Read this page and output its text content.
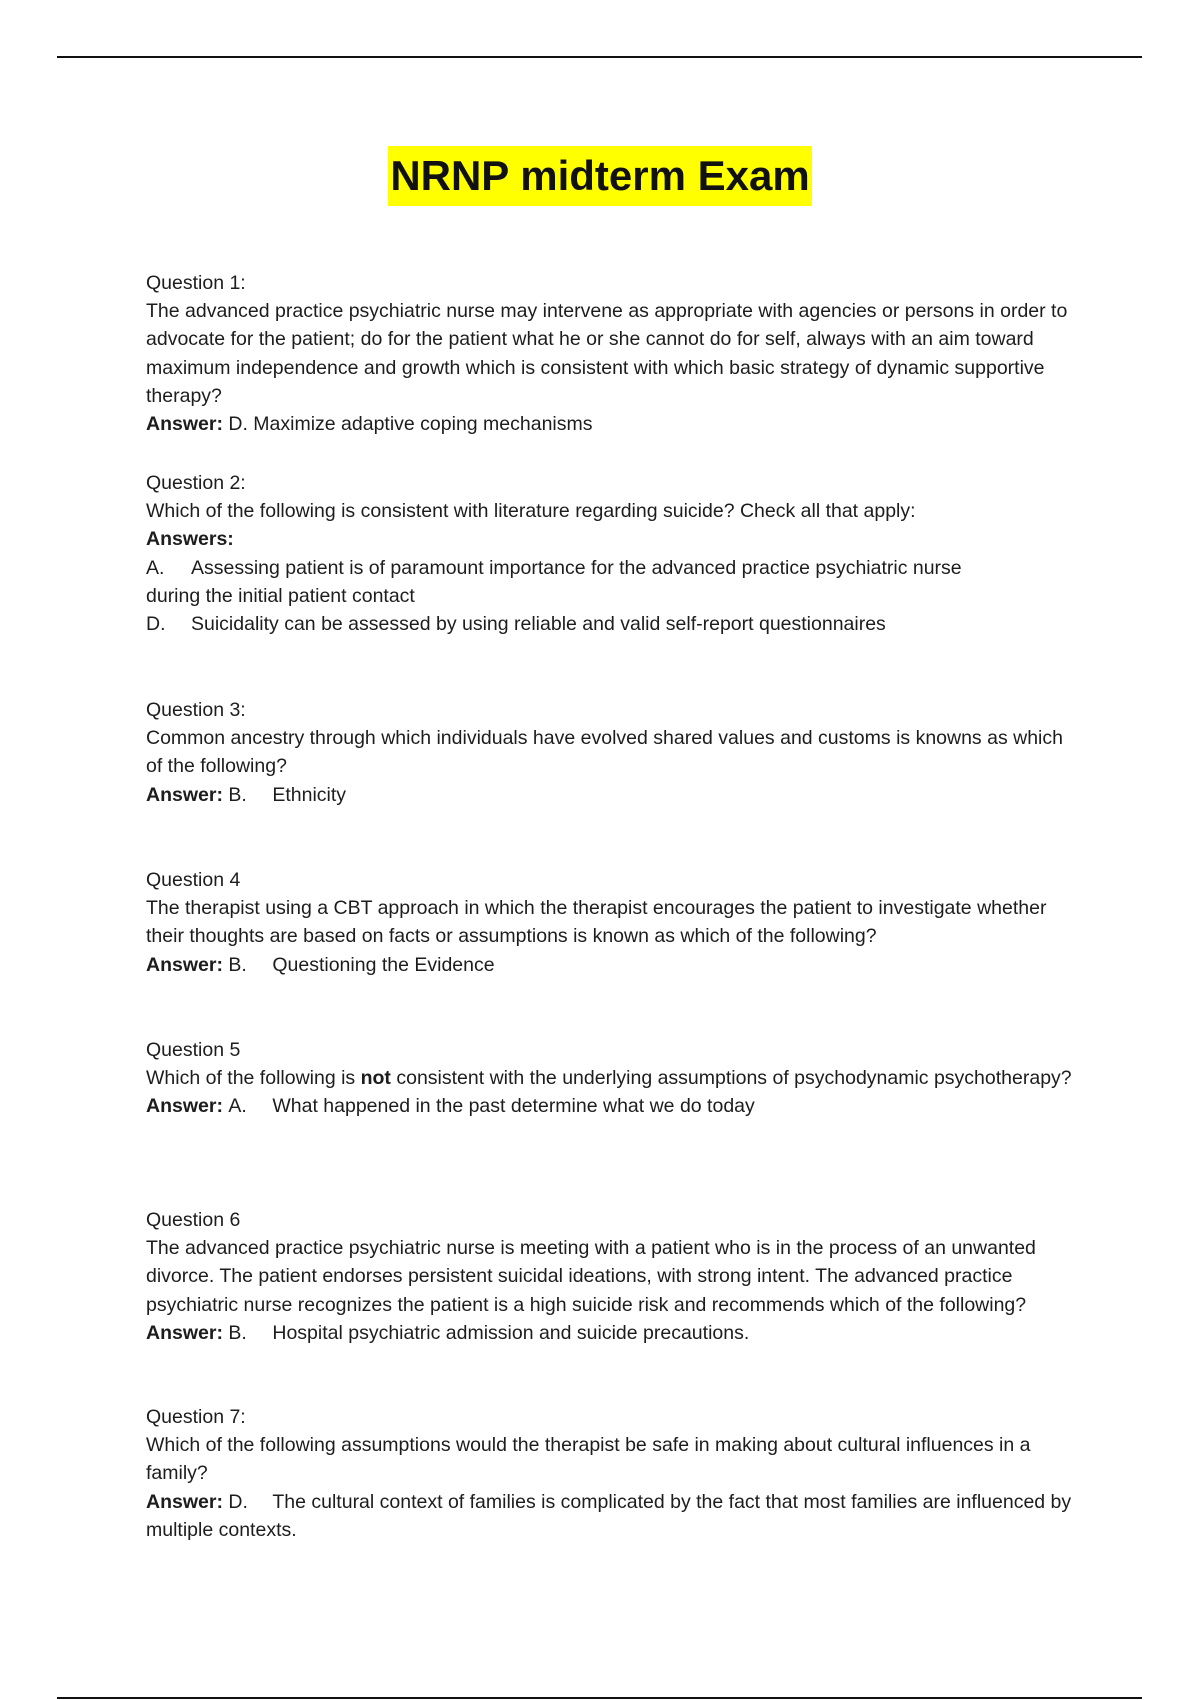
NRNP midterm Exam
Question 1:
The advanced practice psychiatric nurse may intervene as appropriate with agencies or persons in order to advocate for the patient; do for the patient what he or she cannot do for self, always with an aim toward maximum independence and growth which is consistent with which basic strategy of dynamic supportive therapy?
Answer: D. Maximize adaptive coping mechanisms
Question 2:
Which of the following is consistent with literature regarding suicide? Check all that apply:
Answers:
A. Assessing patient is of paramount importance for the advanced practice psychiatric nurse
during the initial patient contact
D. Suicidality can be assessed by using reliable and valid self-report questionnaires
Question 3:
Common ancestry through which individuals have evolved shared values and customs is knowns as which of the following?
Answer: B. Ethnicity
Question 4
The therapist using a CBT approach in which the therapist encourages the patient to investigate whether their thoughts are based on facts or assumptions is known as which of the following?
Answer: B. Questioning the Evidence
Question 5
Which of the following is not consistent with the underlying assumptions of psychodynamic psychotherapy?
Answer: A. What happened in the past determine what we do today
Question 6
The advanced practice psychiatric nurse is meeting with a patient who is in the process of an unwanted divorce. The patient endorses persistent suicidal ideations, with strong intent. The advanced practice psychiatric nurse recognizes the patient is a high suicide risk and recommends which of the following?
Answer: B. Hospital psychiatric admission and suicide precautions.
Question 7:
Which of the following assumptions would the therapist be safe in making about cultural influences in a family?
Answer: D. The cultural context of families is complicated by the fact that most families are influenced by multiple contexts.
